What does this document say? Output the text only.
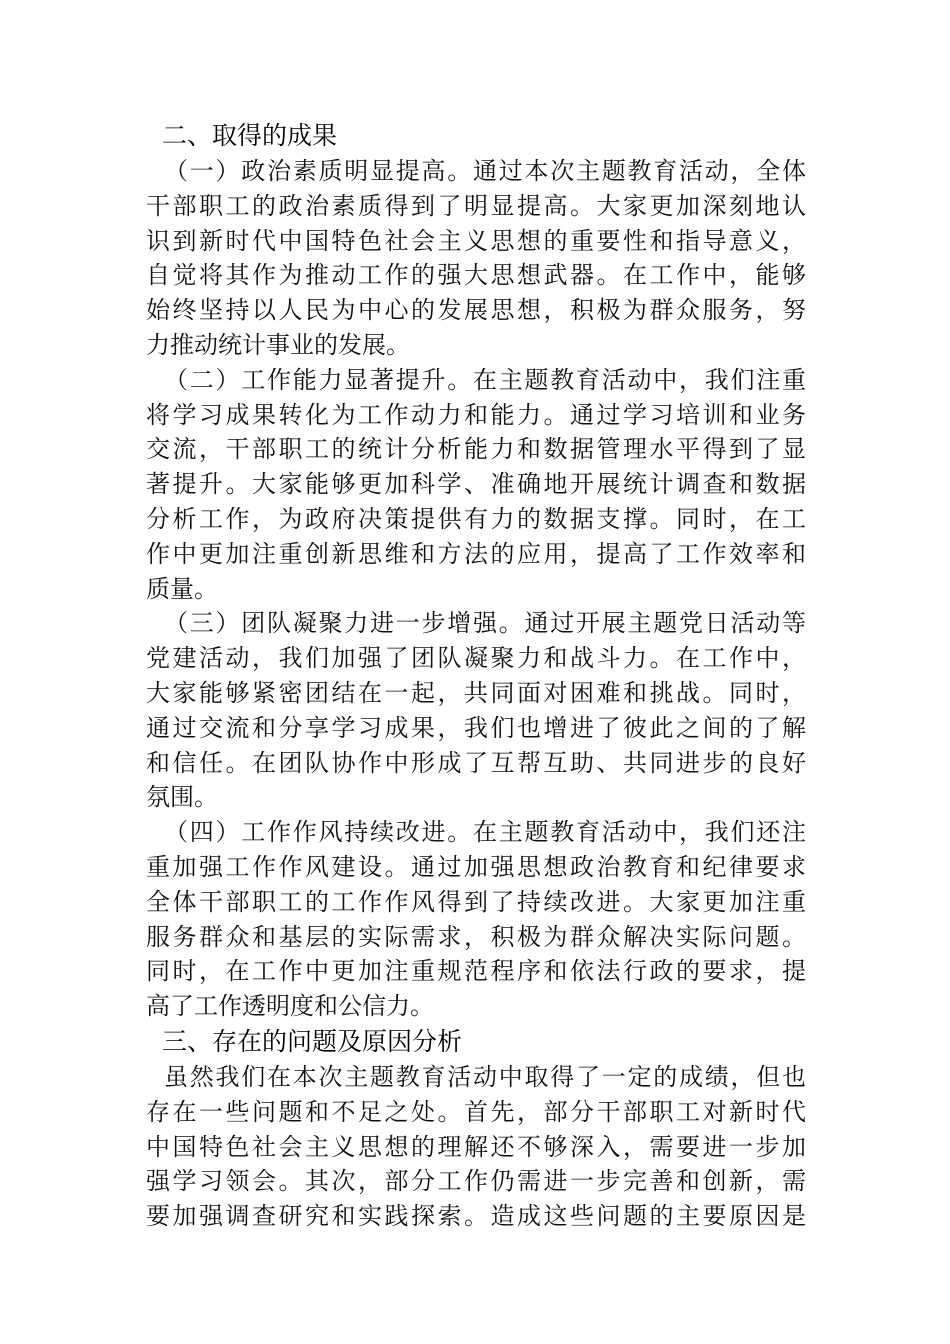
二、取得的成果
（一）政治素质明显提高。通过本次主题教育活动，全体
干部职工的政治素质得到了明显提高。大家更加深刻地认
识到新时代中国特色社会主义思想的重要性和指导意义，
自觉将其作为推动工作的强大思想武器。在工作中，能够
始终坚持以人民为中心的发展思想，积极为群众服务，努
力推动统计事业的发展。
（二）工作能力显著提升。在主题教育活动中，我们注重
将学习成果转化为工作动力和能力。通过学习培训和业务
交流，干部职工的统计分析能力和数据管理水平得到了显
著提升。大家能够更加科学、准确地开展统计调查和数据
分析工作，为政府决策提供有力的数据支撑。同时，在工
作中更加注重创新思维和方法的应用，提高了工作效率和
质量。
（三）团队凝聚力进一步增强。通过开展主题党日活动等
党建活动，我们加强了团队凝聚力和战斗力。在工作中，
大家能够紧密团结在一起，共同面对困难和挑战。同时，
通过交流和分享学习成果，我们也增进了彼此之间的了解
和信任。在团队协作中形成了互帮互助、共同进步的良好
氛围。
（四）工作作风持续改进。在主题教育活动中，我们还注
重加强工作作风建设。通过加强思想政治教育和纪律要求
全体干部职工的工作作风得到了持续改进。大家更加注重
服务群众和基层的实际需求，积极为群众解决实际问题。
同时，在工作中更加注重规范程序和依法行政的要求，提
高了工作透明度和公信力。
三、存在的问题及原因分析
虽然我们在本次主题教育活动中取得了一定的成绩，但也
存在一些问题和不足之处。首先，部分干部职工对新时代
中国特色社会主义思想的理解还不够深入，需要进一步加
强学习领会。其次，部分工作仍需进一步完善和创新，需
要加强调查研究和实践探索。造成这些问题的主要原因是
